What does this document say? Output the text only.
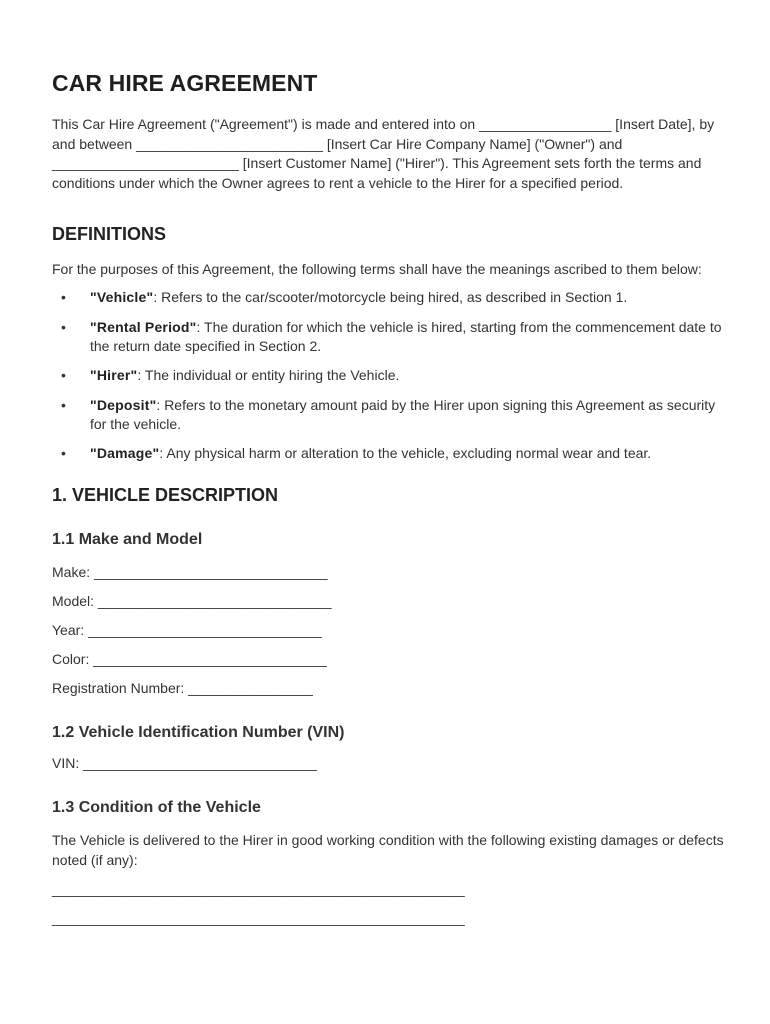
CAR HIRE AGREEMENT

This Car Hire Agreement ("Agreement") is made and entered into on _________________ [Insert Date], by and between ________________________ [Insert Car Hire Company Name] ("Owner") and ________________________ [Insert Customer Name] ("Hirer"). This Agreement sets forth the terms and conditions under which the Owner agrees to rent a vehicle to the Hirer for a specified period.

DEFINITIONS

For the purposes of this Agreement, the following terms shall have the meanings ascribed to them below:

• "Vehicle": Refers to the car/scooter/motorcycle being hired, as described in Section 1.
• "Rental Period": The duration for which the vehicle is hired, starting from the commencement date to the return date specified in Section 2.
• "Hirer": The individual or entity hiring the Vehicle.
• "Deposit": Refers to the monetary amount paid by the Hirer upon signing this Agreement as security for the vehicle.
• "Damage": Any physical harm or alteration to the vehicle, excluding normal wear and tear.
1. VEHICLE DESCRIPTION
1.1 Make and Model

Make: ______________________________

Model: ______________________________

Year: ______________________________

Color: ______________________________

Registration Number: ________________

1.2 Vehicle Identification Number (VIN)

VIN: ______________________________

1.3 Condition of the Vehicle

The Vehicle is delivered to the Hirer in good working condition with the following existing damages or defects noted (if any):

_____________________________________________________

_____________________________________________________
